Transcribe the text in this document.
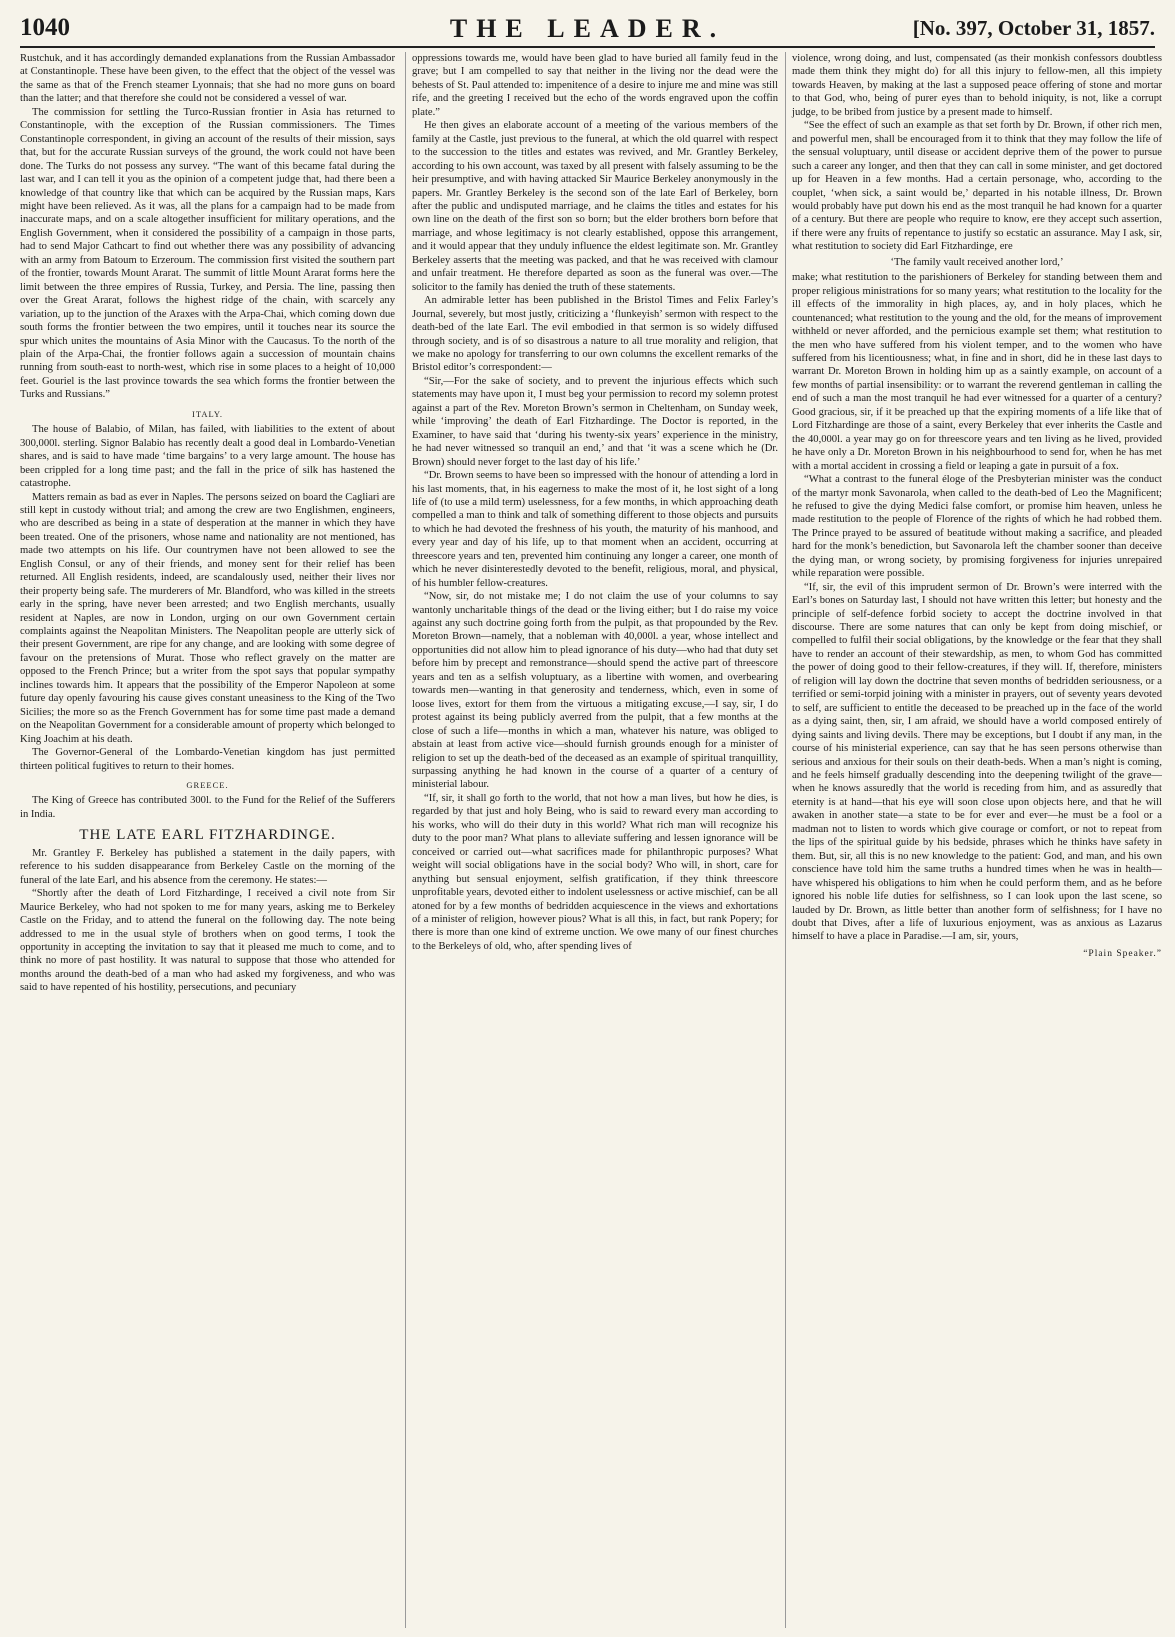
1040	THE LEADER.	[No. 397, October 31, 1857.

Rustchuk, and it has accordingly demanded explanations from the Russian Ambassador at Constantinople. These have been given, to the effect that the object of the vessel was the same as that of the French steamer Lyonnais; that she had no more guns on board than the latter; and that therefore she could not be considered a vessel of war.

The commission for settling the Turco-Russian frontier in Asia has returned to Constantinople, with the exception of the Russian commissioners. The Times Constantinople correspondent, in giving an account of the results of their mission, says that, but for the accurate Russian surveys of the ground, the work could not have been done. The Turks do not possess any survey. “The want of this became fatal during the last war, and I can tell it you as the opinion of a competent judge that, had there been a knowledge of that country like that which can be acquired by the Russian maps, Kars might have been relieved. As it was, all the plans for a campaign had to be made from inaccurate maps, and on a scale altogether insufficient for military operations, and the English Government, when it considered the possibility of a campaign in those parts, had to send Major Cathcart to find out whether there was any possibility of advancing with an army from Batoum to Erzeroum. The commission first visited the southern part of the frontier, towards Mount Ararat. The summit of little Mount Ararat forms here the limit between the three empires of Russia, Turkey, and Persia. The line, passing then over the Great Ararat, follows the highest ridge of the chain, with scarcely any variation, up to the junction of the Araxes with the Arpa-Chai, which coming down due south forms the frontier between the two empires, until it touches near its source the spur which unites the mountains of Asia Minor with the Caucasus. To the north of the plain of the Arpa-Chai, the frontier follows again a succession of mountain chains running from south-east to north-west, which rise in some places to a height of 10,000 feet. Gouriel is the last province towards the sea which forms the frontier between the Turks and Russians.”

ITALY.

The house of Balabio, of Milan, has failed, with liabilities to the extent of about 300,000l. sterling. Signor Balabio has recently dealt a good deal in Lombardo-Venetian shares, and is said to have made ‘time bargains’ to a very large amount. The house has been crippled for a long time past; and the fall in the price of silk has hastened the catastrophe.

Matters remain as bad as ever in Naples. The persons seized on board the Cagliari are still kept in custody without trial; and among the crew are two Englishmen, engineers, who are described as being in a state of desperation at the manner in which they have been treated. One of the prisoners, whose name and nationality are not mentioned, has made two attempts on his life. Our countrymen have not been allowed to see the English Consul, or any of their friends, and money sent for their relief has been returned. All English residents, indeed, are scandalously used, neither their lives nor their property being safe. The murderers of Mr. Blandford, who was killed in the streets early in the spring, have never been arrested; and two English merchants, usually resident at Naples, are now in London, urging on our own Government certain complaints against the Neapolitan Ministers. The Neapolitan people are utterly sick of their present Government, are ripe for any change, and are looking with some degree of favour on the pretensions of Murat. Those who reflect gravely on the matter are opposed to the French Prince; but a writer from the spot says that popular sympathy inclines towards him. It appears that the possibility of the Emperor Napoleon at some future day openly favouring his cause gives constant uneasiness to the King of the Two Sicilies; the more so as the French Government has for some time past made a demand on the Neapolitan Government for a considerable amount of property which belonged to King Joachim at his death.

The Governor-General of the Lombardo-Venetian kingdom has just permitted thirteen political fugitives to return to their homes.

GREECE.

The King of Greece has contributed 300l. to the Fund for the Relief of the Sufferers in India.

THE LATE EARL FITZHARDINGE.

Mr. Grantley F. Berkeley has published a statement in the daily papers, with reference to his sudden disappearance from Berkeley Castle on the morning of the funeral of the late Earl, and his absence from the ceremony. He states:—

“Shortly after the death of Lord Fitzhardinge, I received a civil note from Sir Maurice Berkeley, who had not spoken to me for many years, asking me to Berkeley Castle on the Friday, and to attend the funeral on the following day. The note being addressed to me in the usual style of brothers when on good terms, I took the opportunity in accepting the invitation to say that it pleased me much to come, and to think no more of past hostility. It was natural to suppose that those who attended for months around the death-bed of a man who had asked my forgiveness, and who was said to have repented of his hostility, persecutions, and pecuniary

oppressions towards me, would have been glad to have buried all family feud in the grave; but I am compelled to say that neither in the living nor the dead were the behests of St. Paul attended to: impenitence of a desire to injure me and mine was still rife, and the greeting I received but the echo of the words engraved upon the coffin plate.”

He then gives an elaborate account of a meeting of the various members of the family at the Castle, just previous to the funeral, at which the old quarrel with respect to the succession to the titles and estates was revived, and Mr. Grantley Berkeley, according to his own account, was taxed by all present with falsely assuming to be the heir presumptive, and with having attacked Sir Maurice Berkeley anonymously in the papers. Mr. Grantley Berkeley is the second son of the late Earl of Berkeley, born after the public and undisputed marriage, and he claims the titles and estates for his own line on the death of the first son so born; but the elder brothers born before that marriage, and whose legitimacy is not clearly established, oppose this arrangement, and it would appear that they unduly influence the eldest legitimate son. Mr. Grantley Berkeley asserts that the meeting was packed, and that he was received with clamour and unfair treatment. He therefore departed as soon as the funeral was over.—The solicitor to the family has denied the truth of these statements.

An admirable letter has been published in the Bristol Times and Felix Farley’s Journal, severely, but most justly, criticizing a ‘flunkeyish’ sermon with respect to the death-bed of the late Earl. The evil embodied in that sermon is so widely diffused through society, and is of so disastrous a nature to all true morality and religion, that we make no apology for transferring to our own columns the excellent remarks of the Bristol editor’s correspondent:—

“Sir,—For the sake of society, and to prevent the injurious effects which such statements may have upon it, I must beg your permission to record my solemn protest against a part of the Rev. Moreton Brown’s sermon in Cheltenham, on Sunday week, while ‘improving’ the death of Earl Fitzhardinge. The Doctor is reported, in the Examiner, to have said that ‘during his twenty-six years’ experience in the ministry, he had never witnessed so tranquil an end,’ and that ‘it was a scene which he (Dr. Brown) should never forget to the last day of his life.’

“Dr. Brown seems to have been so impressed with the honour of attending a lord in his last moments, that, in his eagerness to make the most of it, he lost sight of a long life of (to use a mild term) uselessness, for a few months, in which approaching death compelled a man to think and talk of something different to those objects and pursuits to which he had devoted the freshness of his youth, the maturity of his manhood, and every year and day of his life, up to that moment when an accident, occurring at threescore years and ten, prevented him continuing any longer a career, one month of which he never disinterestedly devoted to the benefit, religious, moral, and physical, of his humbler fellow-creatures.

“Now, sir, do not mistake me; I do not claim the use of your columns to say wantonly uncharitable things of the dead or the living either; but I do raise my voice against any such doctrine going forth from the pulpit, as that propounded by the Rev. Moreton Brown—namely, that a nobleman with 40,000l. a year, whose intellect and opportunities did not allow him to plead ignorance of his duty—who had that duty set before him by precept and remonstrance—should spend the active part of threescore years and ten as a selfish voluptuary, as a libertine with women, and overbearing towards men—wanting in that generosity and tenderness, which, even in some of loose lives, extort for them from the virtuous a mitigating excuse,—I say, sir, I do protest against its being publicly averred from the pulpit, that a few months at the close of such a life—months in which a man, whatever his nature, was obliged to abstain at least from active vice—should furnish grounds enough for a minister of religion to set up the death-bed of the deceased as an example of spiritual tranquillity, surpassing anything he had known in the course of a quarter of a century of ministerial labour.

“If, sir, it shall go forth to the world, that not how a man lives, but how he dies, is regarded by that just and holy Being, who is said to reward every man according to his works, who will do their duty in this world? What rich man will recognize his duty to the poor man? What plans to alleviate suffering and lessen ignorance will be conceived or carried out—what sacrifices made for philanthropic purposes? What weight will social obligations have in the social body? Who will, in short, care for anything but sensual enjoyment, selfish gratification, if they think threescore unprofitable years, devoted either to indolent uselessness or active mischief, can be all atoned for by a few months of bedridden acquiescence in the views and exhortations of a minister of religion, however pious? What is all this, in fact, but rank Popery; for there is more than one kind of extreme unction. We owe many of our finest churches to the Berkeleys of old, who, after spending lives of

violence, wrong doing, and lust, compensated (as their monkish confessors doubtless made them think they might do) for all this injury to fellow-men, all this impiety towards Heaven, by making at the last a supposed peace offering of stone and mortar to that God, who, being of purer eyes than to behold iniquity, is not, like a corrupt judge, to be bribed from justice by a present made to himself.

“See the effect of such an example as that set forth by Dr. Brown, if other rich men, and powerful men, shall be encouraged from it to think that they may follow the life of the sensual voluptuary, until disease or accident deprive them of the power to pursue such a career any longer, and then that they can call in some minister, and get doctored up for Heaven in a few months. Had a certain personage, who, according to the couplet, ‘when sick, a saint would be,’ departed in his notable illness, Dr. Brown would probably have put down his end as the most tranquil he had known for a quarter of a century. But there are people who require to know, ere they accept such assertion, if there were any fruits of repentance to justify so ecstatic an assurance. May I ask, sir, what restitution to society did Earl Fitzhardinge, ere

‘The family vault received another lord,’

make; what restitution to the parishioners of Berkeley for standing between them and proper religious ministrations for so many years; what restitution to the locality for the ill effects of the immorality in high places, ay, and in holy places, which he countenanced; what restitution to the young and the old, for the means of improvement withheld or never afforded, and the pernicious example set them; what restitution to the men who have suffered from his violent temper, and to the women who have suffered from his licentiousness; what, in fine and in short, did he in these last days to warrant Dr. Moreton Brown in holding him up as a saintly example, on account of a few months of partial insensibility: or to warrant the reverend gentleman in calling the end of such a man the most tranquil he had ever witnessed for a quarter of a century? Good gracious, sir, if it be preached up that the expiring moments of a life like that of Lord Fitzhardinge are those of a saint, every Berkeley that ever inherits the Castle and the 40,000l. a year may go on for threescore years and ten living as he lived, provided he have only a Dr. Moreton Brown in his neighbourhood to send for, when he has met with a mortal accident in crossing a field or leaping a gate in pursuit of a fox.

“What a contrast to the funeral éloge of the Presbyterian minister was the conduct of the martyr monk Savonarola, when called to the death-bed of Leo the Magnificent; he refused to give the dying Medici false comfort, or promise him heaven, unless he made restitution to the people of Florence of the rights of which he had robbed them. The Prince prayed to be assured of beatitude without making a sacrifice, and pleaded hard for the monk’s benediction, but Savonarola left the chamber sooner than deceive the dying man, or wrong society, by promising forgiveness for injuries unrepaired while reparation were possible.

“If, sir, the evil of this imprudent sermon of Dr. Brown’s were interred with the Earl’s bones on Saturday last, I should not have written this letter; but honesty and the principle of self-defence forbid society to accept the doctrine involved in that discourse. There are some natures that can only be kept from doing mischief, or compelled to fulfil their social obligations, by the knowledge or the fear that they shall have to render an account of their stewardship, as men, to whom God has committed the power of doing good to their fellow-creatures, if they will. If, therefore, ministers of religion will lay down the doctrine that seven months of bedridden seriousness, or a terrified or semi-torpid joining with a minister in prayers, out of seventy years devoted to self, are sufficient to entitle the deceased to be preached up in the face of the world as a dying saint, then, sir, I am afraid, we should have a world composed entirely of dying saints and living devils. There may be exceptions, but I doubt if any man, in the course of his ministerial experience, can say that he has seen persons otherwise than serious and anxious for their souls on their death-beds. When a man’s night is coming, and he feels himself gradually descending into the deepening twilight of the grave—when he knows assuredly that the world is receding from him, and as assuredly that eternity is at hand—that his eye will soon close upon objects here, and that he will awaken in another state—a state to be for ever and ever—he must be a fool or a madman not to listen to words which give courage or comfort, or not to repeat from the lips of the spiritual guide by his bedside, phrases which he thinks have safety in them. But, sir, all this is no new knowledge to the patient: God, and man, and his own conscience have told him the same truths a hundred times when he was in health—have whispered his obligations to him when he could perform them, and as he before ignored his noble life duties for selfishness, so I can look upon the last scene, so lauded by Dr. Brown, as little better than another form of selfishness; for I have no doubt that Dives, after a life of luxurious enjoyment, was as anxious as Lazarus himself to have a place in Paradise.—I am, sir, yours,

“Plain Speaker.”
